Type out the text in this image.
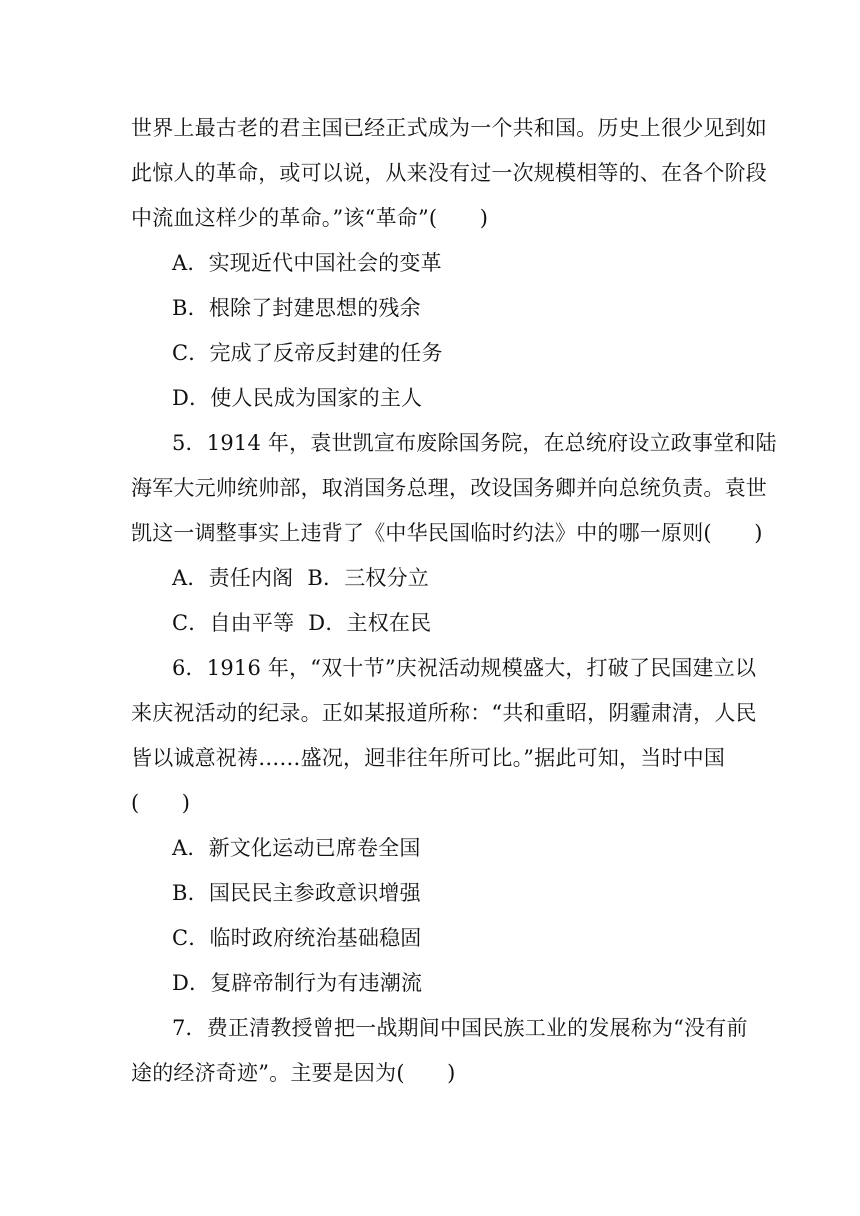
世界上最古老的君主国已经正式成为一个共和国。历史上很少见到如
此惊人的革命，或可以说，从来没有过一次规模相等的、在各个阶段
中流血这样少的革命。”该“革命”(　　)
A．实现近代中国社会的变革
B．根除了封建思想的残余
C．完成了反帝反封建的任务
D．使人民成为国家的主人
5．1914 年，袁世凯宣布废除国务院，在总统府设立政事堂和陆
海军大元帅统帅部，取消国务总理，改设国务卿并向总统负责。袁世
凯这一调整事实上违背了《中华民国临时约法》中的哪一原则(　　)
A．责任内阁 B．三权分立
C．自由平等 D．主权在民
6．1916 年，“双十节”庆祝活动规模盛大，打破了民国建立以
来庆祝活动的纪录。正如某报道所称：“共和重昭，阴霾肃清，人民
皆以诚意祝祷……盛况，迥非往年所可比。”据此可知，当时中国
(　　)
A．新文化运动已席卷全国
B．国民民主参政意识增强
C．临时政府统治基础稳固
D．复辟帝制行为有违潮流
7．费正清教授曾把一战期间中国民族工业的发展称为“没有前
途的经济奇迹”。主要是因为(　　)
